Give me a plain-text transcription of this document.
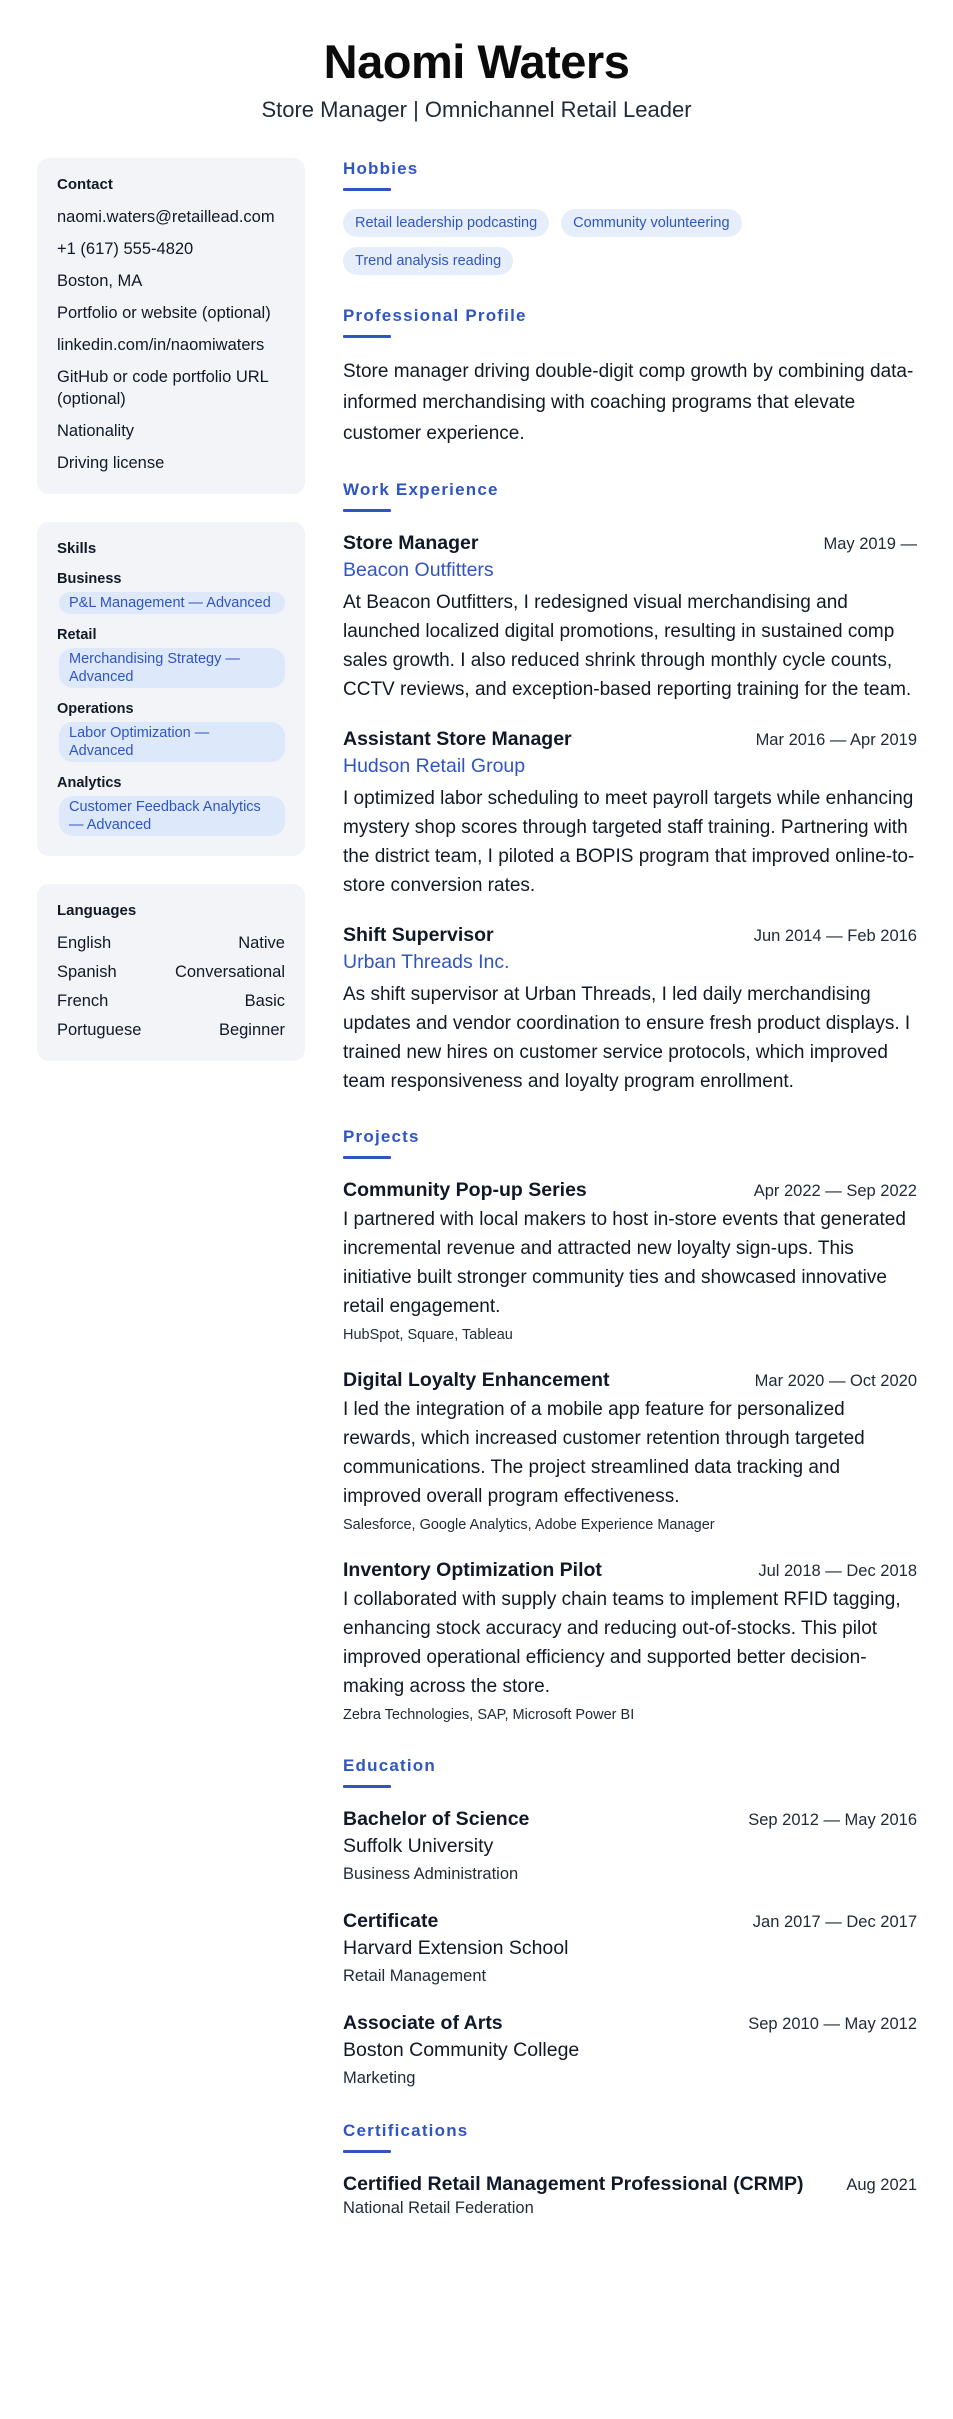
Naomi Waters
Store Manager | Omnichannel Retail Leader
Contact
naomi.waters@retaillead.com
+1 (617) 555-4820
Boston, MA
Portfolio or website (optional)
linkedin.com/in/naomiwaters
GitHub or code portfolio URL (optional)
Nationality
Driving license
Skills
Business
P&L Management — Advanced
Retail
Merchandising Strategy — Advanced
Operations
Labor Optimization — Advanced
Analytics
Customer Feedback Analytics — Advanced
Languages
English	Native
Spanish	Conversational
French	Basic
Portuguese	Beginner
Hobbies
Retail leadership podcasting	Community volunteering
Trend analysis reading
Professional Profile

Store manager driving double-digit comp growth by combining data-informed merchandising with coaching programs that elevate customer experience.

Work Experience
Store Manager	May 2019 —
Beacon Outfitters

At Beacon Outfitters, I redesigned visual merchandising and launched localized digital promotions, resulting in sustained comp sales growth. I also reduced shrink through monthly cycle counts, CCTV reviews, and exception-based reporting training for the team.

Assistant Store Manager	Mar 2016 — Apr 2019
Hudson Retail Group

I optimized labor scheduling to meet payroll targets while enhancing mystery shop scores through targeted staff training. Partnering with the district team, I piloted a BOPIS program that improved online-to-store conversion rates.

Shift Supervisor	Jun 2014 — Feb 2016
Urban Threads Inc.

As shift supervisor at Urban Threads, I led daily merchandising updates and vendor coordination to ensure fresh product displays. I trained new hires on customer service protocols, which improved team responsiveness and loyalty program enrollment.

Projects
Community Pop-up Series	Apr 2022 — Sep 2022

I partnered with local makers to host in-store events that generated incremental revenue and attracted new loyalty sign-ups. This initiative built stronger community ties and showcased innovative retail engagement.

HubSpot, Square, Tableau
Digital Loyalty Enhancement	Mar 2020 — Oct 2020

I led the integration of a mobile app feature for personalized rewards, which increased customer retention through targeted communications. The project streamlined data tracking and improved overall program effectiveness.

Salesforce, Google Analytics, Adobe Experience Manager
Inventory Optimization Pilot	Jul 2018 — Dec 2018

I collaborated with supply chain teams to implement RFID tagging, enhancing stock accuracy and reducing out-of-stocks. This pilot improved operational efficiency and supported better decision-making across the store.

Zebra Technologies, SAP, Microsoft Power BI
Education
Bachelor of Science	Sep 2012 — May 2016
Suffolk University
Business Administration
Certificate	Jan 2017 — Dec 2017
Harvard Extension School
Retail Management
Associate of Arts	Sep 2010 — May 2012
Boston Community College
Marketing
Certifications
Certified Retail Management Professional (CRMP)	Aug 2021
National Retail Federation
